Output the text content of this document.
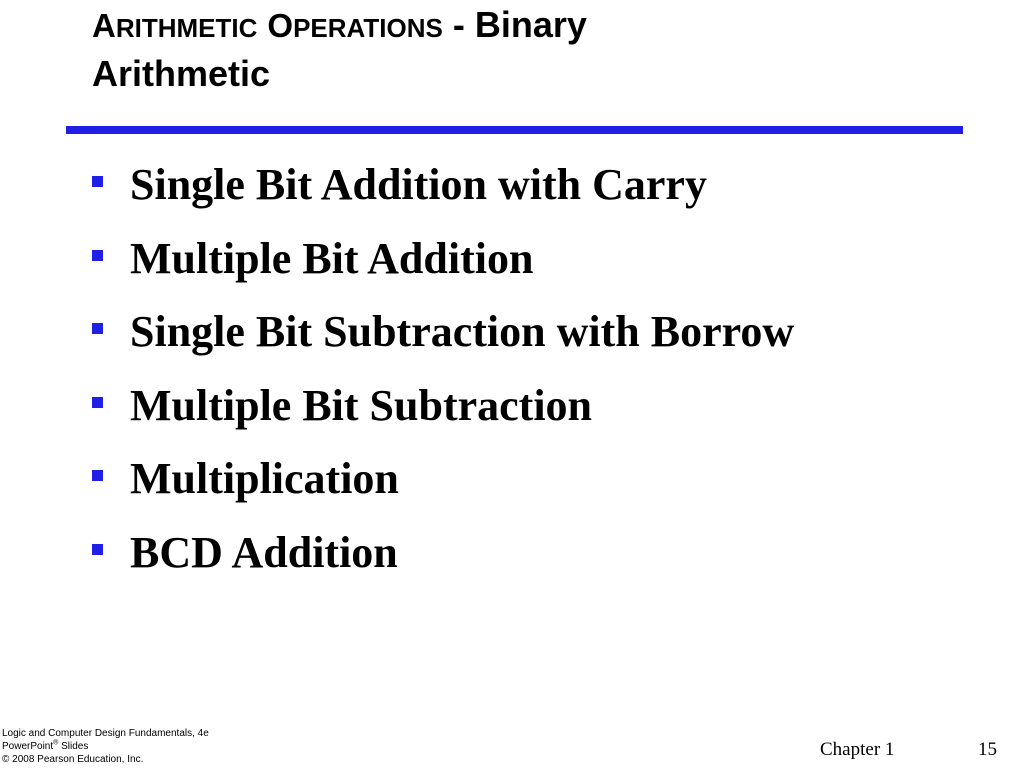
ARITHMETIC OPERATIONS - Binary
Arithmetic
Single Bit Addition with Carry
Multiple Bit Addition
Single Bit Subtraction with Borrow
Multiple Bit Subtraction
Multiplication
BCD Addition
Logic and Computer Design Fundamentals, 4e
PowerPoint® Slides
© 2008 Pearson Education, Inc.	Chapter 1	15
